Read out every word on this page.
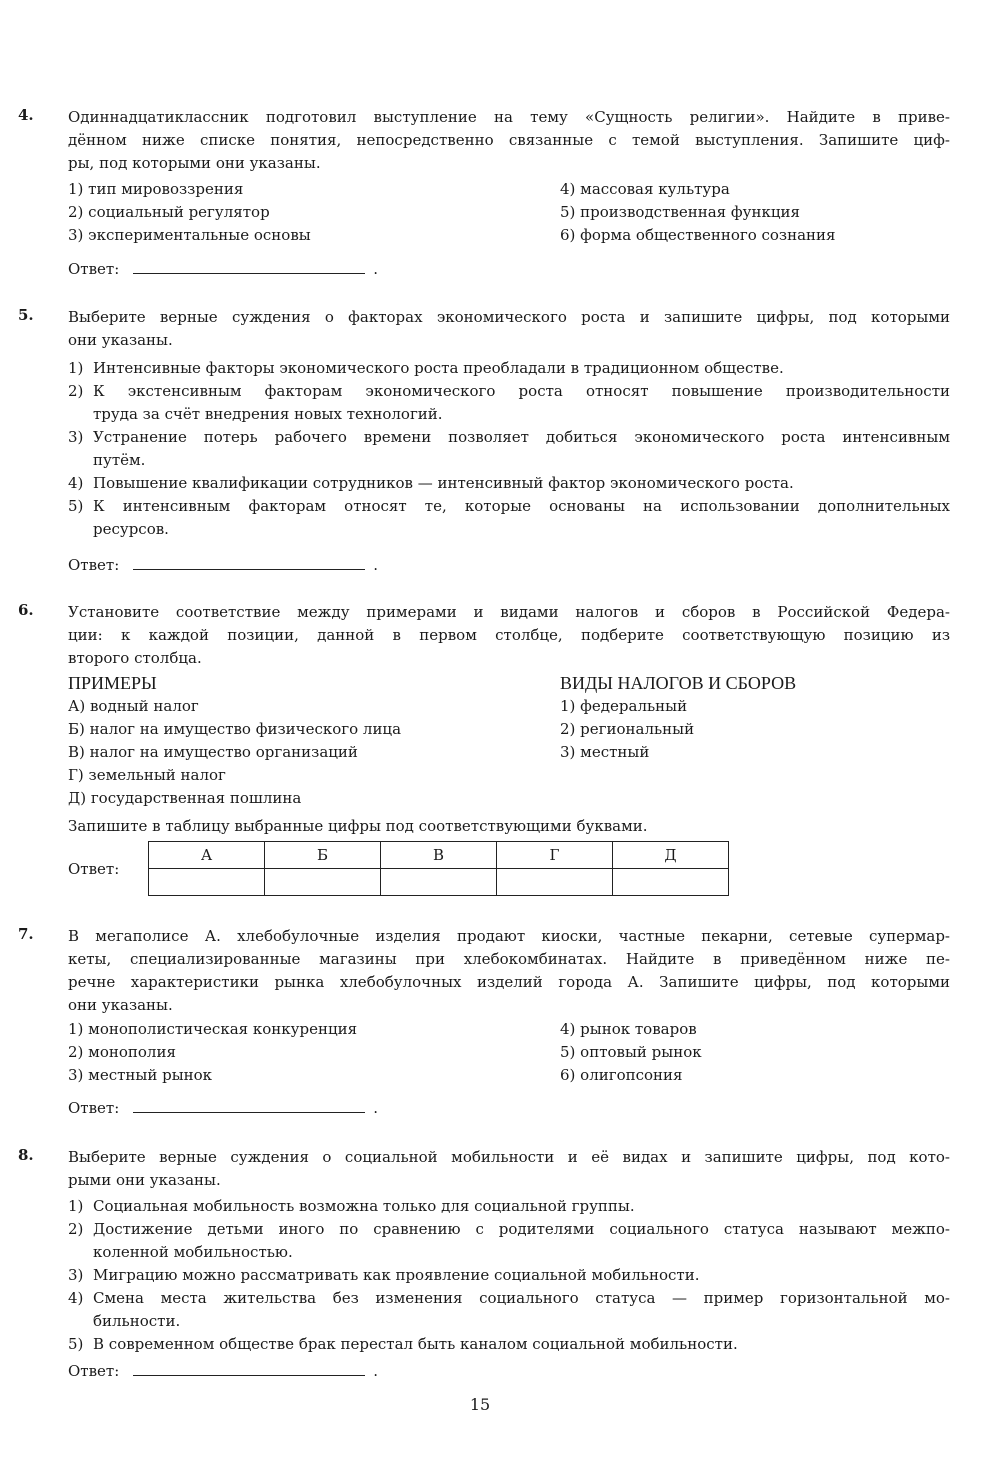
4. Одиннадцатиклассник подготовил выступление на тему «Сущность религии». Найдите в приве-
дённом ниже списке понятия, непосредственно связанные с темой выступления. Запишите циф-
ры, под которыми они указаны.
1) тип мировоззрения
2) социальный регулятор
3) экспериментальные основы
4) массовая культура
5) производственная функция
6) форма общественного сознания
Ответ:	.
5. Выберите верные суждения о факторах экономического роста и запишите цифры, под которыми
они указаны.
1) Интенсивные факторы экономического роста преобладали в традиционном обществе.
2) К экстенсивным факторам экономического роста относят повышение производительности
труда за счёт внедрения новых технологий.
3) Устранение потерь рабочего времени позволяет добиться экономического роста интенсивным
путём.
4) Повышение квалификации сотрудников — интенсивный фактор экономического роста.
5) К интенсивным факторам относят те, которые основаны на использовании дополнительных
ресурсов.
Ответ:	.
6. Установите соответствие между примерами и видами налогов и сборов в Российской Федера-
ции: к каждой позиции, данной в первом столбце, подберите соответствующую позицию из
второго столбца.
ПРИМЕРЫ	ВИДЫ НАЛОГОВ И СБОРОВ
А) водный налог
Б) налог на имущество физического лица
В) налог на имущество организаций
Г) земельный налог
Д) государственная пошлина
1) федеральный
2) региональный
3) местный
Запишите в таблицу выбранные цифры под соответствующими буквами.
Ответ:
А	Б	В	Г	Д

7. В мегаполисе А. хлебобулочные изделия продают киоски, частные пекарни, сетевые супермар-
кеты, специализированные магазины при хлебокомбинатах. Найдите в приведённом ниже пе-
речне характеристики рынка хлебобулочных изделий города А. Запишите цифры, под которыми
они указаны.
1) монополистическая конкуренция
2) монополия
3) местный рынок
4) рынок товаров
5) оптовый рынок
6) олигопсония
Ответ:	.
8. Выберите верные суждения о социальной мобильности и её видах и запишите цифры, под кото-
рыми они указаны.
1) Социальная мобильность возможна только для социальной группы.
2) Достижение детьми иного по сравнению с родителями социального статуса называют межпо-
коленной мобильностью.
3) Миграцию можно рассматривать как проявление социальной мобильности.
4) Смена места жительства без изменения социального статуса — пример горизонтальной мо-
бильности.
5) В современном обществе брак перестал быть каналом социальной мобильности.
Ответ:	.
15
